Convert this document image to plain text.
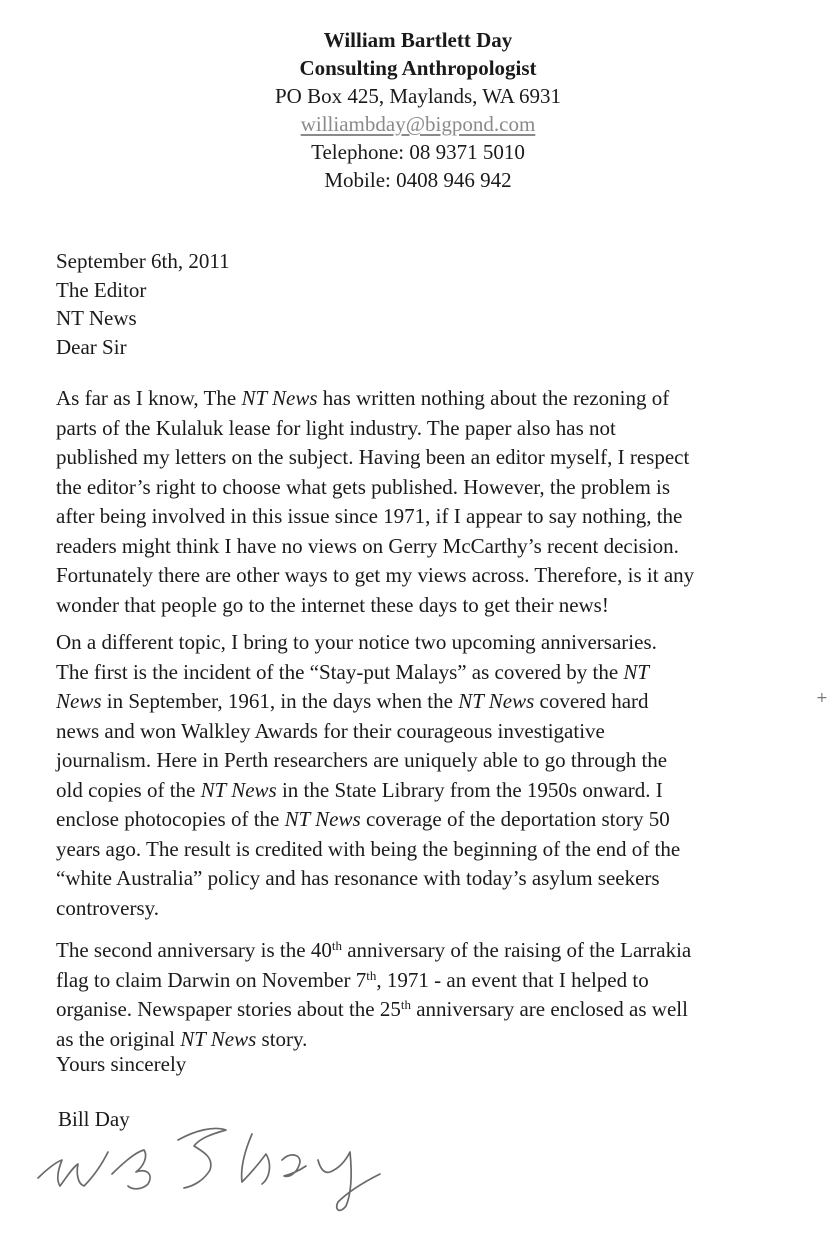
William Bartlett Day
Consulting Anthropologist
PO Box 425, Maylands, WA 6931
williambday@bigpond.com
Telephone: 08 9371 5010
Mobile: 0408 946 942
September 6th, 2011
The Editor
NT News
Dear Sir

As far as I know, The NT News has written nothing about the rezoning of
parts of the Kulaluk lease for light industry. The paper also has not
published my letters on the subject. Having been an editor myself, I respect
the editor’s right to choose what gets published. However, the problem is
after being involved in this issue since 1971, if I appear to say nothing, the
readers might think I have no views on Gerry McCarthy’s recent decision.
Fortunately there are other ways to get my views across. Therefore, is it any
wonder that people go to the internet these days to get their news!

On a different topic, I bring to your notice two upcoming anniversaries.
The first is the incident of the “Stay-put Malays” as covered by the NT
News in September, 1961, in the days when the NT News covered hard
news and won Walkley Awards for their courageous investigative
journalism. Here in Perth researchers are uniquely able to go through the
old copies of the NT News in the State Library from the 1950s onward. I
enclose photocopies of the NT News coverage of the deportation story 50
years ago. The result is credited with being the beginning of the end of the
“white Australia” policy and has resonance with today’s asylum seekers
controversy.

The second anniversary is the 40th anniversary of the raising of the Larrakia
flag to claim Darwin on November 7th, 1971 - an event that I helped to
organise. Newspaper stories about the 25th anniversary are enclosed as well
as the original NT News story.

Yours sincerely
Bill Day
+
